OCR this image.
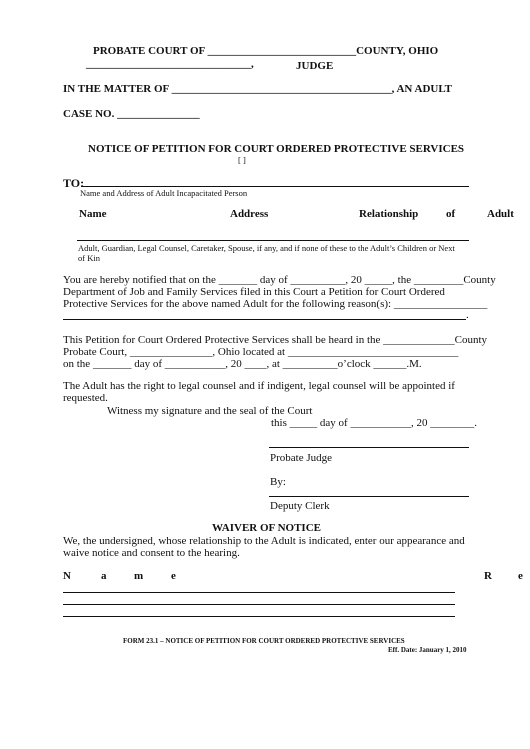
PROBATE COURT OF ___________________________COUNTY, OHIO
______________________________,	JUDGE
IN THE MATTER OF ________________________________________, AN ADULT
CASE NO. _______________
NOTICE OF PETITION FOR COURT ORDERED PROTECTIVE SERVICES
[ ]
TO:
Name and Address of Adult Incapacitated Person
Name	Address	Relationship	of	Adult
Adult, Guardian, Legal Counsel, Caretaker, Spouse, if any, and if none of these to the Adult’s Children or Next
of Kin
You are hereby notified that on the _______ day of __________, 20 _____, the _________County
Department of Job and Family Services filed in this Court a Petition for Court Ordered
Protective Services for the above named Adult for the following reason(s): _________________
.
This Petition for Court Ordered Protective Services shall be heard in the _____________County
Probate Court, _______________, Ohio located at _______________________________
on the _______ day of ___________, 20 ____, at __________o’clock ______.M.
The Adult has the right to legal counsel and if indigent, legal counsel will be appointed if
requested.
Witness my signature and the seal of the Court
this _____ day of ___________, 20 ________.
Probate Judge
By:
Deputy Clerk
WAIVER OF NOTICE
We, the undersigned, whose relationship to the Adult is indicated, enter our appearance and
waive notice and consent to the hearing.
N	a	m	e	R e
FORM 23.1 – NOTICE OF PETITION FOR COURT ORDERED PROTECTIVE SERVICES
Eff. Date: January 1, 2010
